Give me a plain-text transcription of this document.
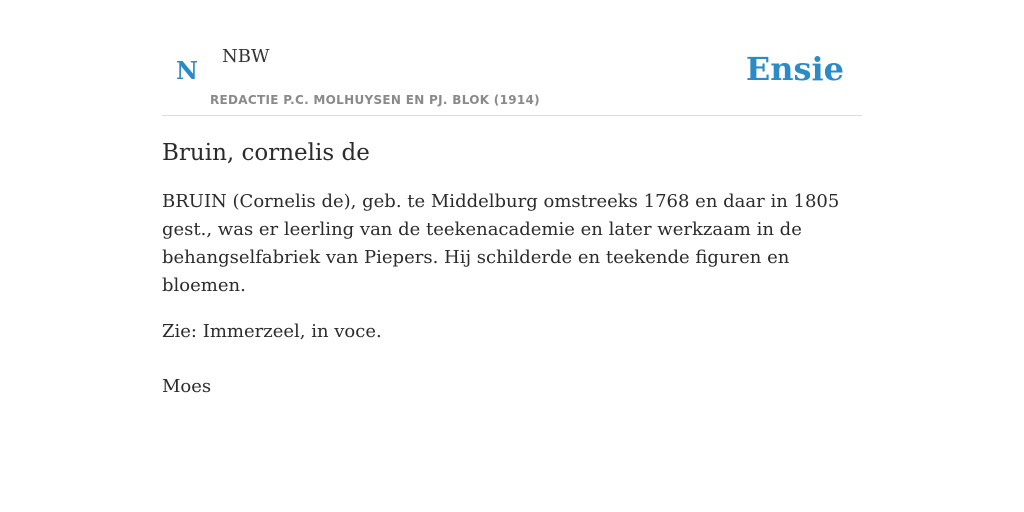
N NBW
REDACTIE P.C. MOLHUYSEN EN PJ. BLOK (1914)
Ensie
Bruin, cornelis de

BRUIN (Cornelis de), geb. te Middelburg omstreeks 1768 en daar in 1805 gest., was er leerling van de teekenacademie en later werkzaam in de behangselfabriek van Piepers. Hij schilderde en teekende figuren en bloemen.

Zie: Immerzeel, in voce.

Moes
